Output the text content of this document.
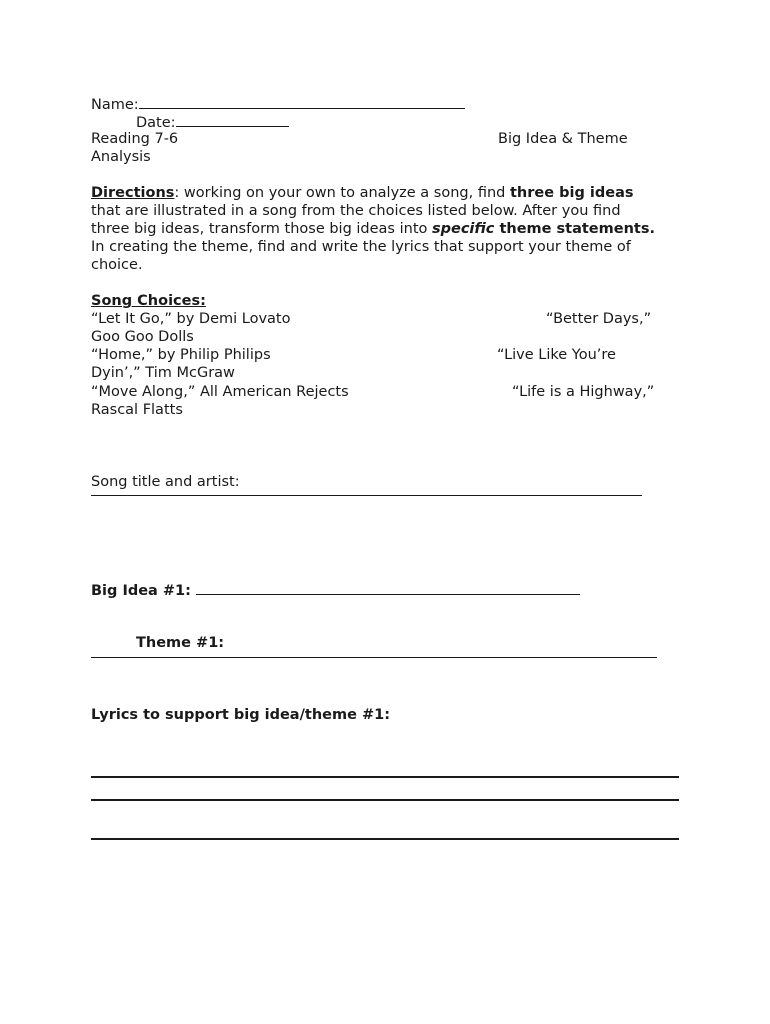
Name:
Date:
Reading 7-6	Big Idea & Theme
Analysis
Directions: working on your own to analyze a song, find three big ideas
that are illustrated in a song from the choices listed below. After you find
three big ideas, transform those big ideas into specific theme statements.
In creating the theme, find and write the lyrics that support your theme of
choice.
Song Choices:
“Let It Go,” by Demi Lovato	“Better Days,”
Goo Goo Dolls
“Home,” by Philip Philips	“Live Like You’re
Dyin’,” Tim McGraw
“Move Along,” All American Rejects	“Life is a Highway,”
Rascal Flatts
Song title and artist:
Big Idea #1:
Theme #1:
Lyrics to support big idea/theme #1:
